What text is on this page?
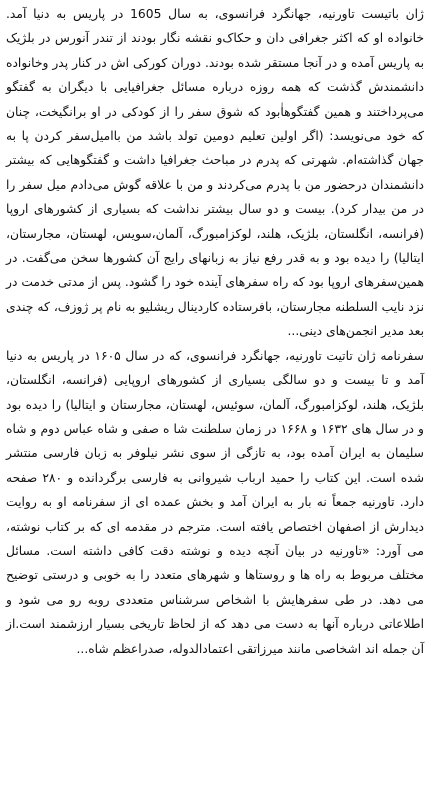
ژان باتیست تاورنیه، جهانگرد فرانسوی، به سال 1605 در پاریس به دنیا آمد. خانواده او که اکثر جغرافی دان و حکاک‌و نقشه نگار بودند از تندر آنورس در بلژیک به پاریس آمده و در آنجا مستقر شده بودند. دوران کورکی اش در کنار پدر وخانواده دانشمندش گذشت که همه روزه درباره مسائل جغرافیایی با دیگران به گفتگو می‌پرداختند و همین گفتگوهاٰبود که شوق سفر را از کودکی در او برانگیخت، چنان که خود می‌نویسد: (اگر اولین تعلیم دومین تولد باشد من باامیل‌سفر کردن پا به جهان گذاشته‌ام. شهرتی که پدرم در مباحث جغرافیا داشت و گفتگوهایی که بیشتر دانشمندان درحضور من با پدرم می‌کردند و من با علاقه گوش می‌دادم میل سفر را در من بیدار کرد). بیست و دو سال بیشتر نداشت که بسیاری از کشورهای اروپا (فرانسه، انگلستان، بلژیک، هلند، لوکزامبورگ، آلمان،سویس، لهستان، مجارستان، ایتالیا) را دیده بود و به قدر رفع نیاز به زبانهای رایج آن کشورها سخن می‌گفت. در همین‌سفرهای اروپا بود که راه سفرهای آینده خود را گشود. پس از مدتی خدمت در نزد نایب السلطنه مجارستان، بافرستاده کاردینال ریشلیو به نام پر ژوزف، که چندی بعد مدیر انجمن‌های دینی...

سفرنامه ژان تاتیت تاورنیه، جهانگرد فرانسوی، که در سال ۱۶۰۵ در پاریس به دنیا آمد و تا بیست و دو سالگی بسیاری از کشورهای اروپایی (فرانسه، انگلستان، بلژیک، هلند، لوکزامبورگ، آلمان، سوئیس، لهستان، مجارستان و ایتالیا) را دیده بود و در سال های ۱۶۳۲ و ۱۶۶۸ در زمان سلطنت شا ه صفی و شاه عباس دوم و شاه سلیمان به ایران آمده بود، به تازگی از سوی نشر نیلوفر به زبان فارسی منتشر شده است. این کتاب را حمید ارباب شیروانی به فارسی برگردانده و ۲۸۰ صفحه دارد. تاورنیه جمعاً نه بار به ایران آمد و بخش عمده ای از سفرنامه او به روایت دیدارش از اصفهان اختصاص یافته است. مترجم در مقدمه ای که بر کتاب نوشته، می آورد: «تاورنیه در بیان آنچه دیده و نوشته دقت کافی داشته است. مسائل مختلف مربوط به راه ها و روستاها و شهرهای متعدد را به خوبی و درستی توضیح می دهد. در طی سفرهایش با اشخاص سرشناس متعددی روبه رو می شود و اطلاعاتی درباره آنها به دست می دهد که از لحاظ تاریخی بسیار ارزشمند است.از آن جمله اند اشخاصی مانند میرزاتقی اعتمادالدوله، صدراعظم شاه...
